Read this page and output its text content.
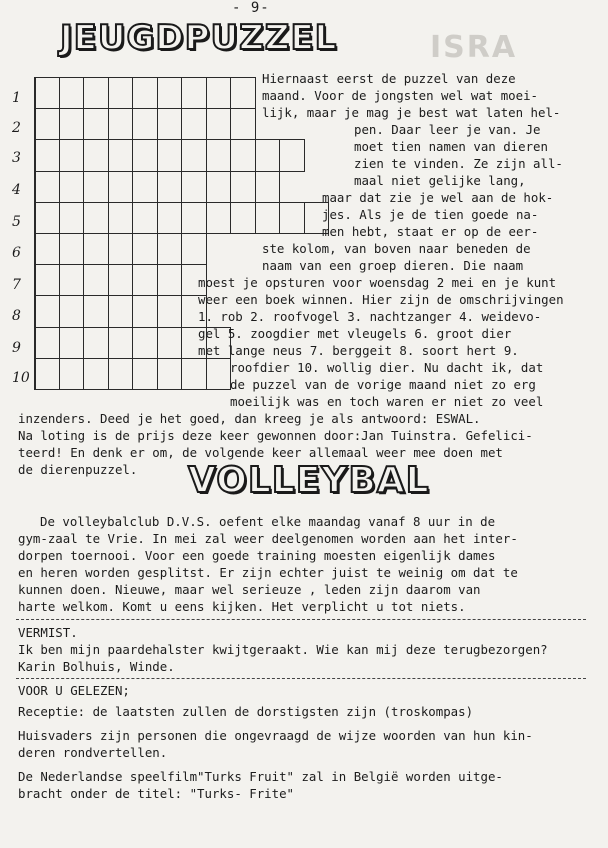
- 9-
ISRA
JEUGDPUZZEL
1
2
3
4
5
6
7
8
9
10
Hiernaast eerst de puzzel van deze
maand. Voor de jongsten wel wat moei-
lijk, maar je mag je best wat laten hel-
pen. Daar leer je van. Je
moet tien namen van dieren
zien te vinden. Ze zijn all-
maal niet gelijke lang,
maar dat zie je wel aan de hok-
jes. Als je de tien goede na-
men hebt, staat er op de eer-
ste kolom, van boven naar beneden de
naam van een groep dieren. Die naam
moest je opsturen voor woensdag 2 mei en je kunt
weer een boek winnen. Hier zijn de omschrijvingen
1. rob 2. roofvogel 3. nachtzanger 4. weidevo-
gel 5. zoogdier met vleugels 6. groot dier
met lange neus 7. berggeit 8. soort hert 9.
roofdier 10. wollig dier. Nu dacht ik, dat
de puzzel van de vorige maand niet zo erg
moeilijk was en toch waren er niet zo veel
inzenders. Deed je het goed, dan kreeg je als antwoord: ESWAL.
Na loting is de prijs deze keer gewonnen door:Jan Tuinstra. Gefelici-
teerd! En denk er om, de volgende keer allemaal weer mee doen met
de dierenpuzzel. VOLLEYBAL
De volleybalclub D.V.S. oefent elke maandag vanaf 8 uur in de
gym-zaal te Vrie. In mei zal weer deelgenomen worden aan het inter-
dorpen toernooi. Voor een goede training moesten eigenlijk dames
en heren worden gesplitst. Er zijn echter juist te weinig om dat te
kunnen doen. Nieuwe, maar wel serieuze , leden zijn daarom van
harte welkom. Komt u eens kijken. Het verplicht u tot niets.
VERMIST.
Ik ben mijn paardehalster kwijtgeraakt. Wie kan mij deze terugbezorgen?
Karin Bolhuis, Winde.
VOOR U GELEZEN;
Receptie: de laatsten zullen de dorstigsten zijn (troskompas)
Huisvaders zijn personen die ongevraagd de wijze woorden van hun kin-
deren rondvertellen.
De Nederlandse speelfilm"Turks Fruit" zal in België worden uitge-
bracht onder de titel: "Turks- Frite"
